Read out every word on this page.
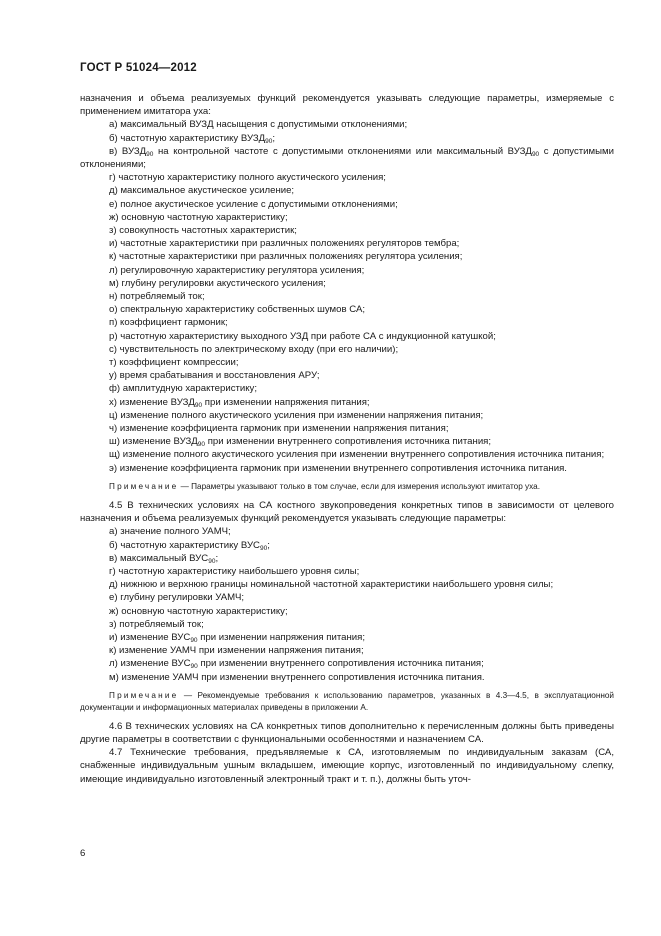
ГОСТ Р 51024—2012

назначения и объема реализуемых функций рекомендуется указывать следующие параметры, измеряемые с применением имитатора уха:

а) максимальный ВУЗД насыщения с допустимыми отклонениями;

б) частотную характеристику $ВУЗД_{90}$;

в) $ВУЗД_{90}$ на контрольной частоте с допустимыми отклонениями или максимальный $ВУЗД_{90}$ с допустимыми отклонениями;

г) частотную характеристику полного акустического усиления;

д) максимальное акустическое усиление;

е) полное акустическое усиление с допустимыми отклонениями;

ж) основную частотную характеристику;

з) совокупность частотных характеристик;

и) частотные характеристики при различных положениях регуляторов тембра;

к) частотные характеристики при различных положениях регулятора усиления;

л) регулировочную характеристику регулятора усиления;

м) глубину регулировки акустического усиления;

н) потребляемый ток;

о) спектральную характеристику собственных шумов СА;

п) коэффициент гармоник;

р) частотную характеристику выходного УЗД при работе СА с индукционной катушкой;

с) чувствительность по электрическому входу (при его наличии);

т) коэффициент компрессии;

у) время срабатывания и восстановления АРУ;

ф) амплитудную характеристику;

х) изменение $ВУЗД_{90}$ при изменении напряжения питания;

ц) изменение полного акустического усиления при изменении напряжения питания;

ч) изменение коэффициента гармоник при изменении напряжения питания;

ш) изменение $ВУЗД_{90}$ при изменении внутреннего сопротивления источника питания;

щ) изменение полного акустического усиления при изменении внутреннего сопротивления источника питания;

э) изменение коэффициента гармоник при изменении внутреннего сопротивления источника питания.

Примечание — Параметры указывают только в том случае, если для измерения используют имитатор уха.

4.5 В технических условиях на СА костного звукопроведения конкретных типов в зависимости от целевого назначения и объема реализуемых функций рекомендуется указывать следующие параметры:

а) значение полного УАМЧ;

б) частотную характеристику $ВУС_{90}$;

в) максимальный $ВУС_{90}$;

г) частотную характеристику наибольшего уровня силы;

д) нижнюю и верхнюю границы номинальной частотной характеристики наибольшего уровня силы;

е) глубину регулировки УАМЧ;

ж) основную частотную характеристику;

з) потребляемый ток;

и) изменение $ВУС_{90}$ при изменении напряжения питания;

к) изменение УАМЧ при изменении напряжения питания;

л) изменение $ВУС_{90}$ при изменении внутреннего сопротивления источника питания;

м) изменение УАМЧ при изменении внутреннего сопротивления источника питания.

Примечание — Рекомендуемые требования к использованию параметров, указанных в 4.3—4.5, в эксплуатационной документации и информационных материалах приведены в приложении А.

4.6 В технических условиях на СА конкретных типов дополнительно к перечисленным должны быть приведены другие параметры в соответствии с функциональными особенностями и назначением СА.

4.7 Технические требования, предъявляемые к СА, изготовляемым по индивидуальным заказам (СА, снабженные индивидуальным ушным вкладышем, имеющие корпус, изготовленный по индивидуальному слепку, имеющие индивидуально изготовленный электронный тракт и т. п.), должны быть уточ-

6
